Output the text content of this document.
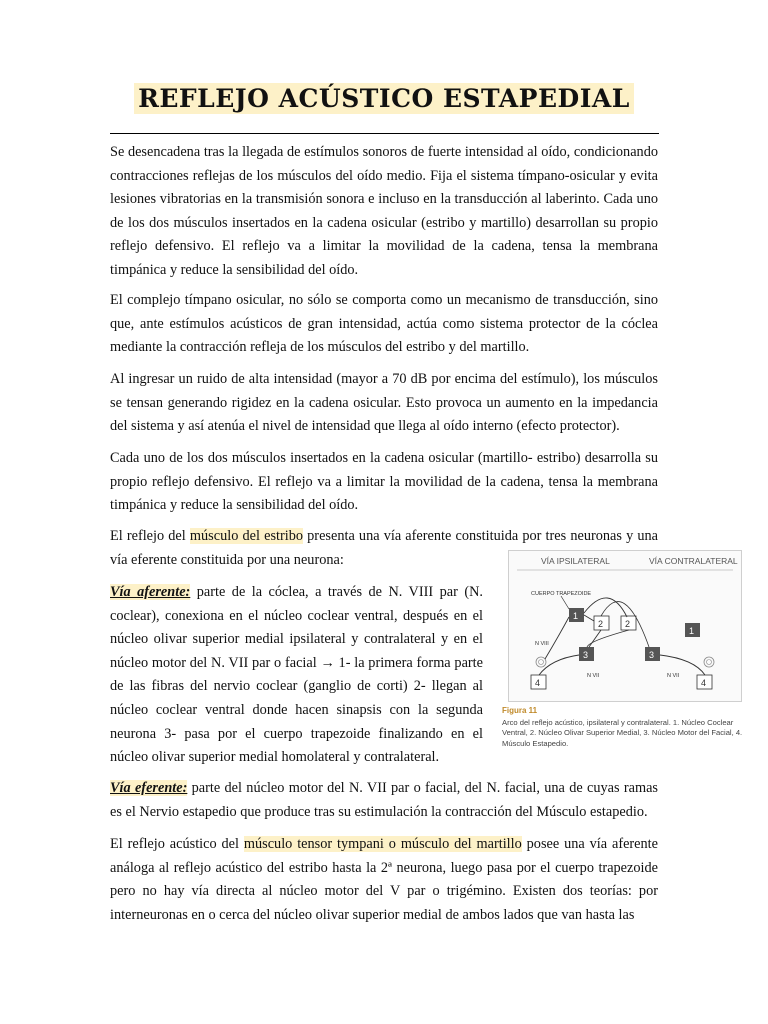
REFLEJO ACÚSTICO ESTAPEDIAL
Se desencadena tras la llegada de estímulos sonoros de fuerte intensidad al oído, condicionando contracciones reflejas de los músculos del oído medio. Fija el sistema tímpano-osicular y evita lesiones vibratorias en la transmisión sonora e incluso en la transducción al laberinto. Cada uno de los dos músculos insertados en la cadena osicular (estribo y martillo) desarrollan su propio reflejo defensivo. El reflejo va a limitar la movilidad de la cadena, tensa la membrana timpánica y reduce la sensibilidad del oído.
El complejo tímpano osicular, no sólo se comporta como un mecanismo de transducción, sino que, ante estímulos acústicos de gran intensidad, actúa como sistema protector de la cóclea mediante la contracción refleja de los músculos del estribo y del martillo.
Al ingresar un ruido de alta intensidad (mayor a 70 dB por encima del estímulo), los músculos se tensan generando rigidez en la cadena osicular. Esto provoca un aumento en la impedancia del sistema y así atenúa el nivel de intensidad que llega al oído interno (efecto protector).
Cada uno de los dos músculos insertados en la cadena osicular (martillo- estribo) desarrolla su propio reflejo defensivo. El reflejo va a limitar la movilidad de la cadena, tensa la membrana timpánica y reduce la sensibilidad del oído.
El reflejo del músculo del estribo presenta una vía aferente constituida por tres neuronas y una vía eferente constituida por una neurona:
Vía aferente: parte de la cóclea, a través de N. VIII par (N. coclear), conexiona en el núcleo coclear ventral, después en el núcleo olivar superior medial ipsilateral y contralateral y en el núcleo motor del N. VII par o facial → 1- la primera forma parte de las fibras del nervio coclear (ganglio de corti) 2- llegan al núcleo coclear ventral donde hacen sinapsis con la segunda neurona 3- pasa por el cuerpo trapezoide finalizando en el núcleo olivar superior medial homolateral y contralateral.
Vía eferente: parte del núcleo motor del N. VII par o facial, del N. facial, una de cuyas ramas es el Nervio estapedio que produce tras su estimulación la contracción del Músculo estapedio.
El reflejo acústico del músculo tensor tympani o músculo del martillo posee una vía aferente análoga al reflejo acústico del estribo hasta la 2ª neurona, luego pasa por el cuerpo trapezoide pero no hay vía directa al núcleo motor del V par o trigémino. Existen dos teorías: por interneuronas en o cerca del núcleo olivar superior medial de ambos lados que van hasta las
VÍA IPSILATERAL	VÍA CONTRALATERAL
CUERPO TRAPEZOIDE
1
2
3
4
2
1
3
4
N VIII
N VII	N VII
Figura 11
Arco del reflejo acústico, ipsilateral y contralateral. 1. Núcleo Coclear Ventral, 2. Núcleo Olivar Superior Medial, 3. Núcleo Motor del Facial, 4. Músculo Estapedio.
